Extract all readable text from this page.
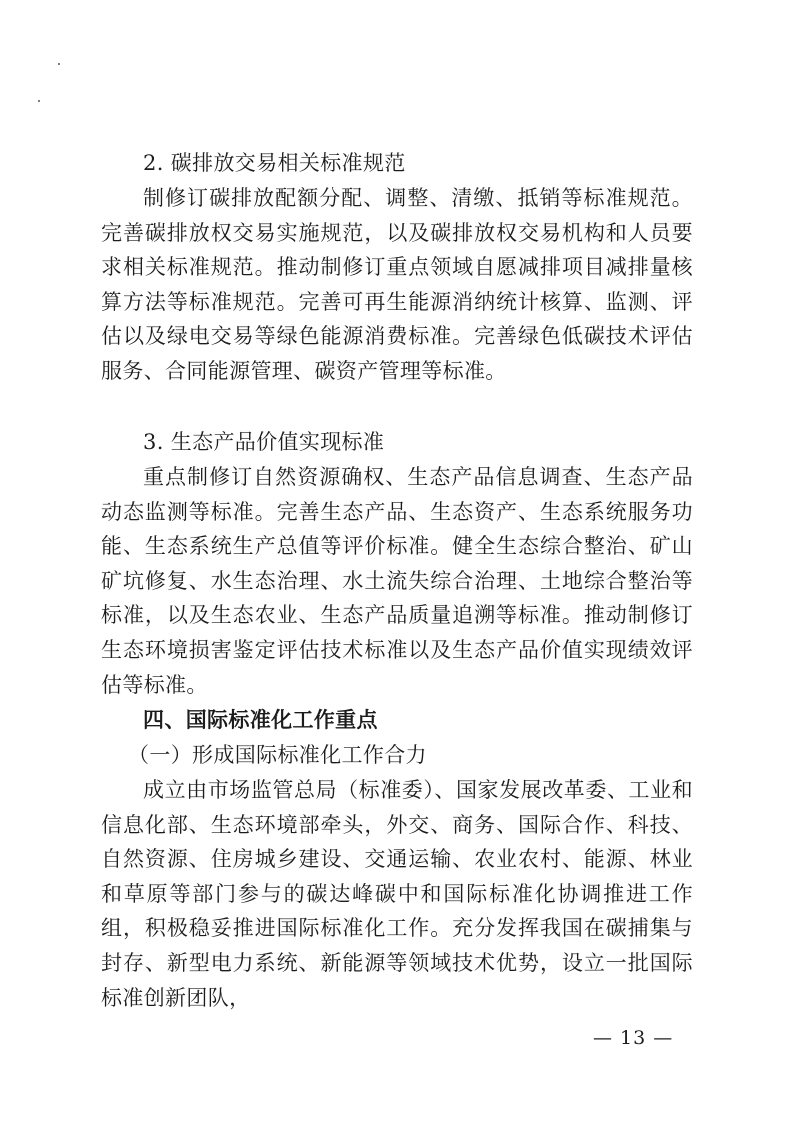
2. 碳排放交易相关标准规范

制修订碳排放配额分配、调整、清缴、抵销等标准规范。完善碳排放权交易实施规范，以及碳排放权交易机构和人员要求相关标准规范。推动制修订重点领域自愿减排项目减排量核算方法等标准规范。完善可再生能源消纳统计核算、监测、评估以及绿电交易等绿色能源消费标准。完善绿色低碳技术评估服务、合同能源管理、碳资产管理等标准。

3. 生态产品价值实现标准

重点制修订自然资源确权、生态产品信息调查、生态产品动态监测等标准。完善生态产品、生态资产、生态系统服务功能、生态系统生产总值等评价标准。健全生态综合整治、矿山矿坑修复、水生态治理、水土流失综合治理、土地综合整治等标准，以及生态农业、生态产品质量追溯等标准。推动制修订生态环境损害鉴定评估技术标准以及生态产品价值实现绩效评估等标准。

四、国际标准化工作重点

（一）形成国际标准化工作合力

成立由市场监管总局（标准委）、国家发展改革委、工业和信息化部、生态环境部牵头，外交、商务、国际合作、科技、自然资源、住房城乡建设、交通运输、农业农村、能源、林业和草原等部门参与的碳达峰碳中和国际标准化协调推进工作组，积极稳妥推进国际标准化工作。充分发挥我国在碳捕集与封存、新型电力系统、新能源等领域技术优势，设立一批国际标准创新团队，

— 13 —
